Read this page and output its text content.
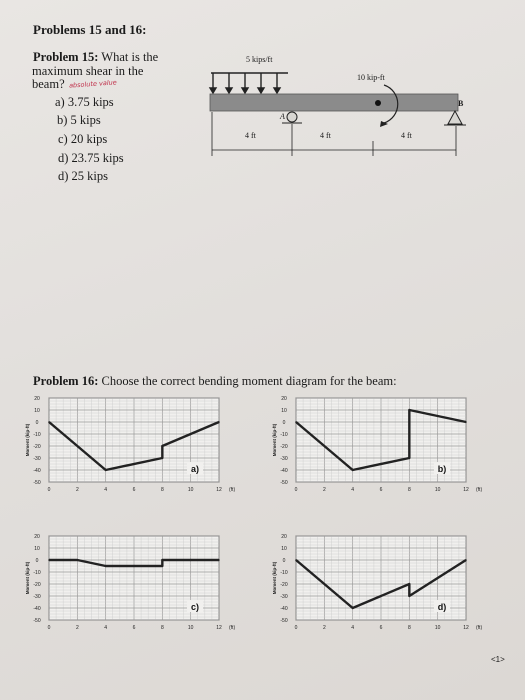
Problems 15 and 16:
Problem 15: What is the
maximum shear in the
beam? absolute value
a) 3.75 kips
b) 5 kips
c) 20 kips
d) 23.75 kips
d) 25 kips
5 kips/ft
10 kip-ft
A
B
4 ft	4 ft	4 ft
Problem 16: Choose the correct bending moment diagram for the beam:
20
10
0
-10
-20
-30
-40
-50
0	2	4	6	8	10	12 (ft)
Moment (kip-ft)
a)
20
10
0
-10
-20
-30
-40
-50
0	2	4	6	8	10	12 (ft)
Moment (kip-ft)
b)
20
10
0
-10
-20
-30
-40
-50
0	2	4	6	8	10	12 (ft)
Moment (kip-ft)
c)
20
10
0
-10
-20
-30
-40
-50
0	2	4	6	8	10	12 (ft)
Moment (kip-ft)
d)
<1>
